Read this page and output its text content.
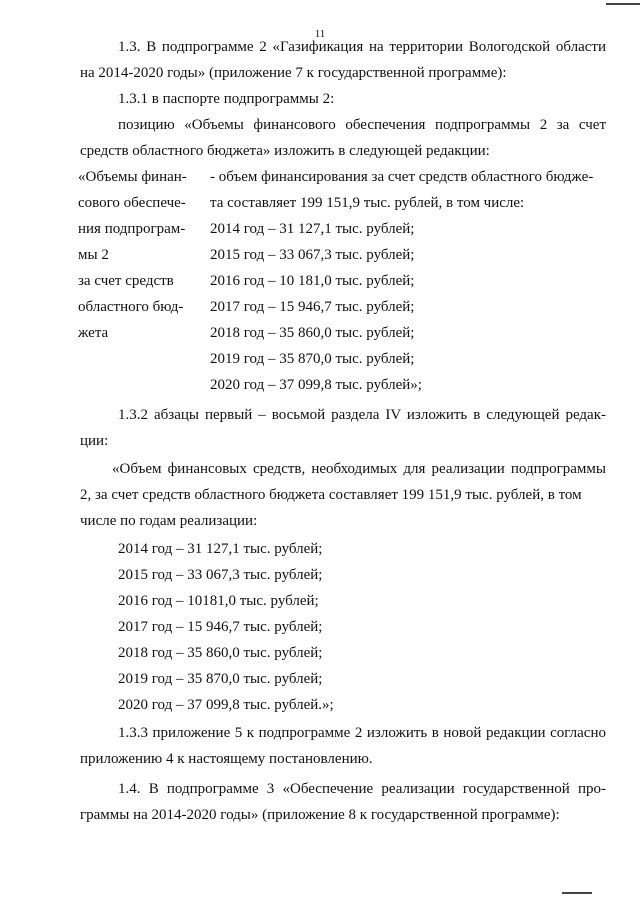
11
1.3. В подпрограмме 2 «Газификация на территории Вологодской области
на 2014-2020 годы» (приложение 7 к государственной программе):
1.3.1 в паспорте подпрограммы 2:
позицию «Объемы финансового обеспечения подпрограммы 2 за счет
средств областного бюджета» изложить в следующей редакции:
«Объемы финан-
сового обеспече-
ния подпрограм-
мы 2
за счет средств
областного бюд-
жета
- объем финансирования за счет средств областного бюдже-
та составляет 199 151,9 тыс. рублей, в том числе:
2014 год – 31 127,1 тыс. рублей;
2015 год – 33 067,3 тыс. рублей;
2016 год – 10 181,0 тыс. рублей;
2017 год – 15 946,7 тыс. рублей;
2018 год – 35 860,0 тыс. рублей;
2019 год – 35 870,0 тыс. рублей;
2020 год – 37 099,8 тыс. рублей»;
1.3.2 абзацы первый – восьмой раздела IV изложить в следующей редак-
ции:
«Объем финансовых средств, необходимых для реализации подпрограммы
2, за счет средств областного бюджета составляет 199 151,9 тыс. рублей, в том
числе по годам реализации:
2014 год – 31 127,1 тыс. рублей;
2015 год – 33 067,3 тыс. рублей;
2016 год – 10181,0 тыс. рублей;
2017 год – 15 946,7 тыс. рублей;
2018 год – 35 860,0 тыс. рублей;
2019 год – 35 870,0 тыс. рублей;
2020 год – 37 099,8 тыс. рублей.»;
1.3.3 приложение 5 к подпрограмме 2 изложить в новой редакции согласно
приложению 4 к настоящему постановлению.
1.4. В подпрограмме 3 «Обеспечение реализации государственной про-
граммы на 2014-2020 годы» (приложение 8 к государственной программе):
